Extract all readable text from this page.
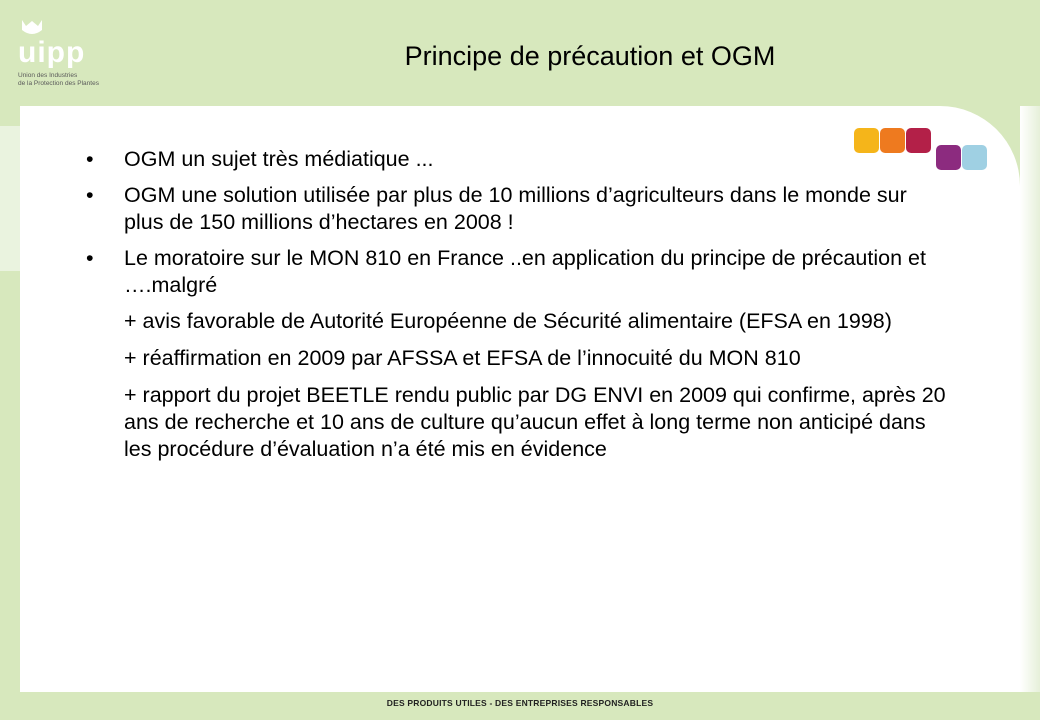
uipp
Union des Industries
de la Protection des Plantes
Principe de précaution et OGM
• OGM un sujet très médiatique ...
• OGM une solution utilisée par plus de 10 millions d’agriculteurs dans le monde sur plus de 150 millions d’hectares en 2008 !
• Le moratoire sur le MON 810 en France ..en application du principe de précaution et ….malgré
+ avis favorable de Autorité Européenne de Sécurité alimentaire (EFSA en 1998)
+ réaffirmation en 2009 par AFSSA et EFSA de l’innocuité du MON 810
+ rapport du projet BEETLE rendu public par DG ENVI en 2009 qui confirme, après 20 ans de recherche et 10 ans de culture qu’aucun effet à long terme non anticipé dans les procédure d’évaluation n’a été mis en évidence
DES PRODUITS UTILES - DES ENTREPRISES RESPONSABLES
